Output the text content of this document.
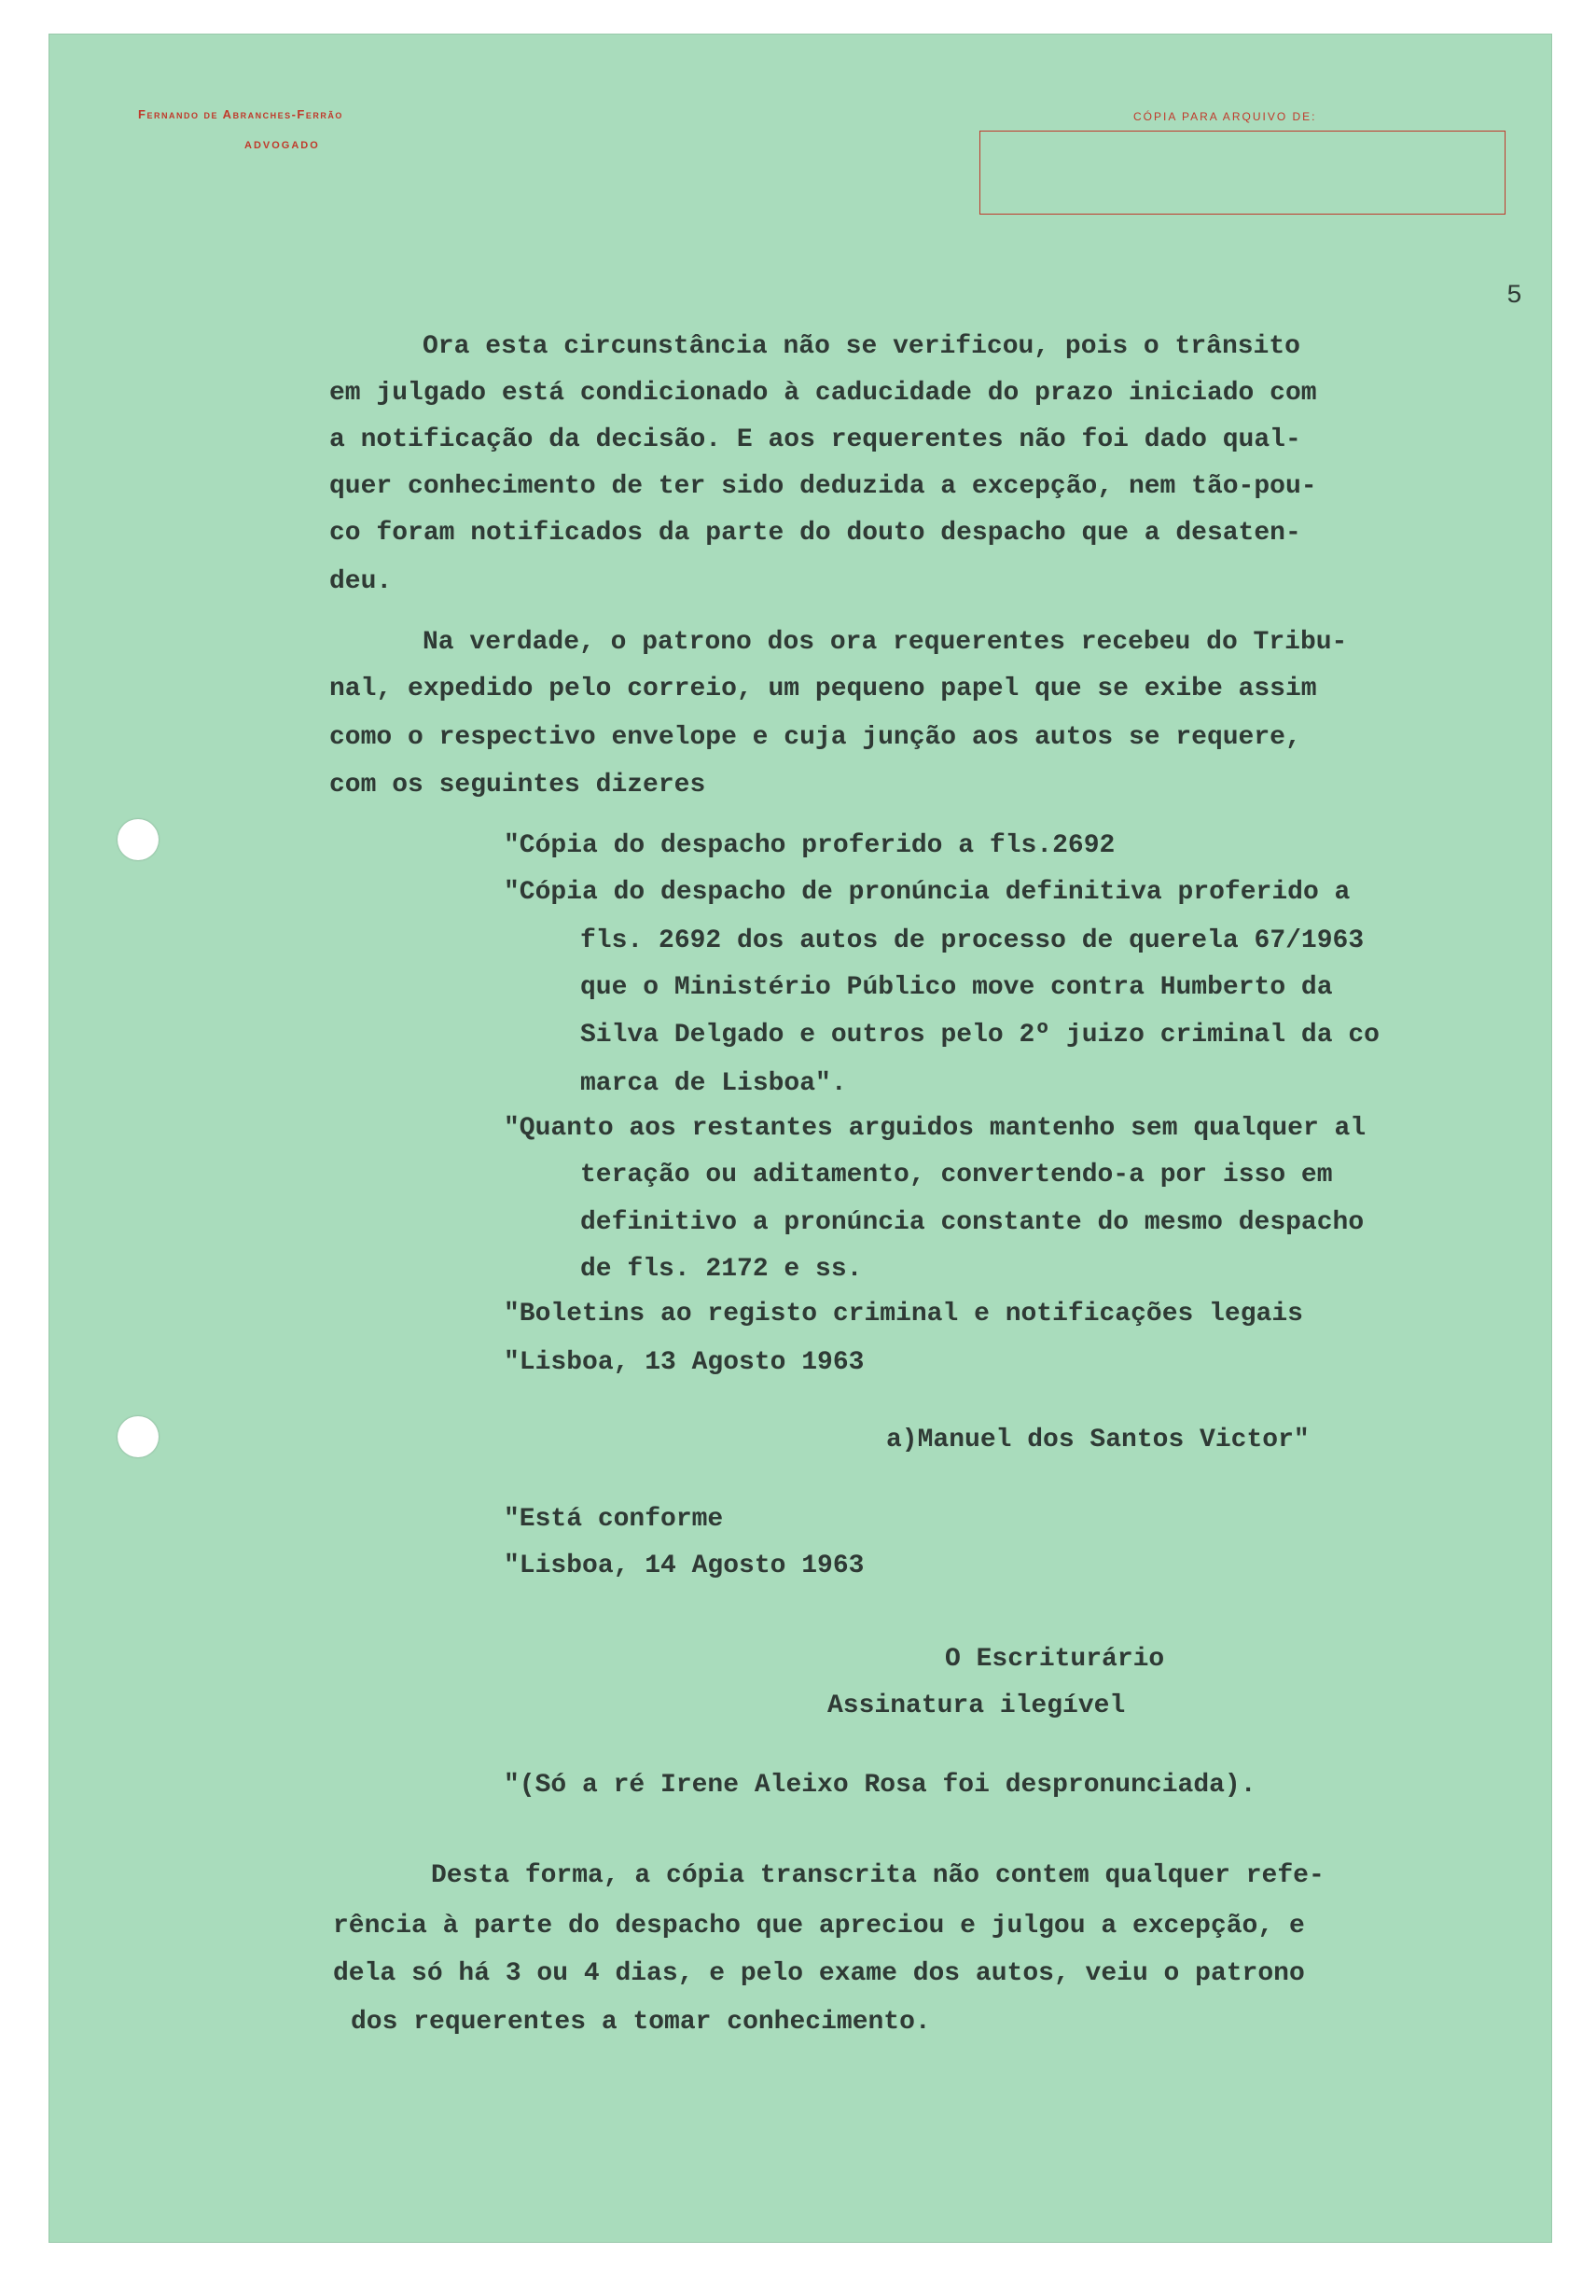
Fernando de Abranches-Ferrão
ADVOGADO
CÓPIA PARA ARQUIVO DE:
5
Ora esta circunstância não se verificou, pois o trânsito
em julgado está condicionado à caducidade do prazo iniciado com
a notificação da decisão. E aos requerentes não foi dado qual-
quer conhecimento de ter sido deduzida a excepção, nem tão-pou-
co foram notificados da parte do douto despacho que a desaten-
deu.
Na verdade, o patrono dos ora requerentes recebeu do Tribu-
nal, expedido pelo correio, um pequeno papel que se exibe assim
como o respectivo envelope e cuja junção aos autos se requere,
com os seguintes dizeres
"Cópia do despacho proferido a fls.2692
"Cópia do despacho de pronúncia definitiva proferido a
fls. 2692 dos autos de processo de querela 67/1963
que o Ministério Público move contra Humberto da
Silva Delgado e outros pelo 2º juizo criminal da co
marca de Lisboa".
"Quanto aos restantes arguidos mantenho sem qualquer al
teração ou aditamento, convertendo-a por isso em
definitivo a pronúncia constante do mesmo despacho
de fls. 2172 e ss.
"Boletins ao registo criminal e notificações legais
"Lisboa, 13 Agosto 1963
a)Manuel dos Santos Victor"
"Está conforme
"Lisboa, 14 Agosto 1963
O Escriturário
Assinatura ilegível
"(Só a ré Irene Aleixo Rosa foi despronunciada).
Desta forma, a cópia transcrita não contem qualquer refe-
rência à parte do despacho que apreciou e julgou a excepção, e
dela só há 3 ou 4 dias, e pelo exame dos autos, veiu o patrono
dos requerentes a tomar conhecimento.
